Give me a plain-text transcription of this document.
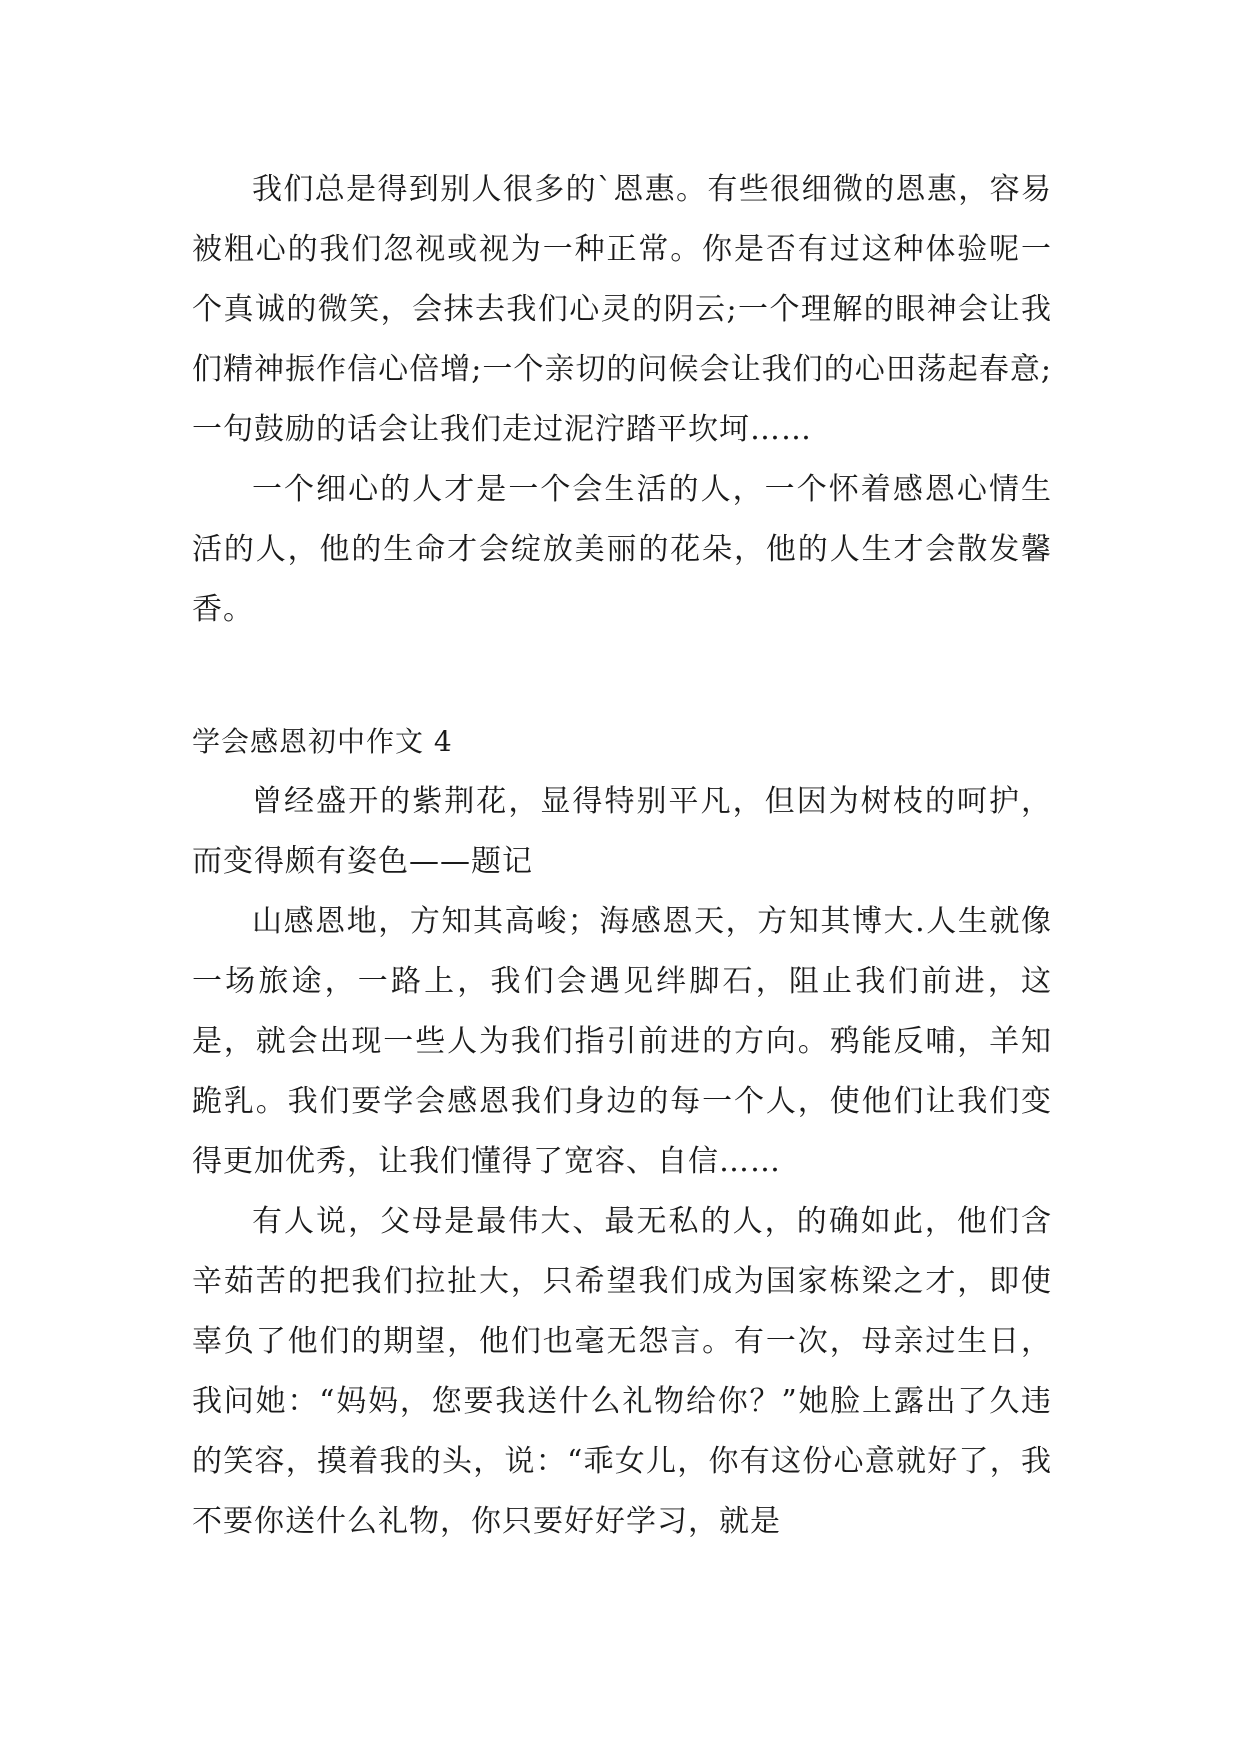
我们总是得到别人很多的`恩惠。有些很细微的恩惠，容易被粗心的我们忽视或视为一种正常。你是否有过这种体验呢一个真诚的微笑，会抹去我们心灵的阴云;一个理解的眼神会让我们精神振作信心倍增;一个亲切的问候会让我们的心田荡起春意;一句鼓励的话会让我们走过泥泞踏平坎坷……

一个细心的人才是一个会生活的人，一个怀着感恩心情生活的人，他的生命才会绽放美丽的花朵，他的人生才会散发馨香。

学会感恩初中作文 4

曾经盛开的紫荆花，显得特别平凡，但因为树枝的呵护，而变得颇有姿色——题记

山感恩地，方知其高峻；海感恩天，方知其博大.人生就像一场旅途，一路上，我们会遇见绊脚石，阻止我们前进，这是，就会出现一些人为我们指引前进的方向。鸦能反哺，羊知跪乳。我们要学会感恩我们身边的每一个人，使他们让我们变得更加优秀，让我们懂得了宽容、自信……

有人说，父母是最伟大、最无私的人，的确如此，他们含辛茹苦的把我们拉扯大，只希望我们成为国家栋梁之才，即使辜负了他们的期望，他们也毫无怨言。有一次，母亲过生日，我问她：“妈妈，您要我送什么礼物给你？”她脸上露出了久违的笑容，摸着我的头，说：“乖女儿，你有这份心意就好了，我不要你送什么礼物，你只要好好学习，就是
